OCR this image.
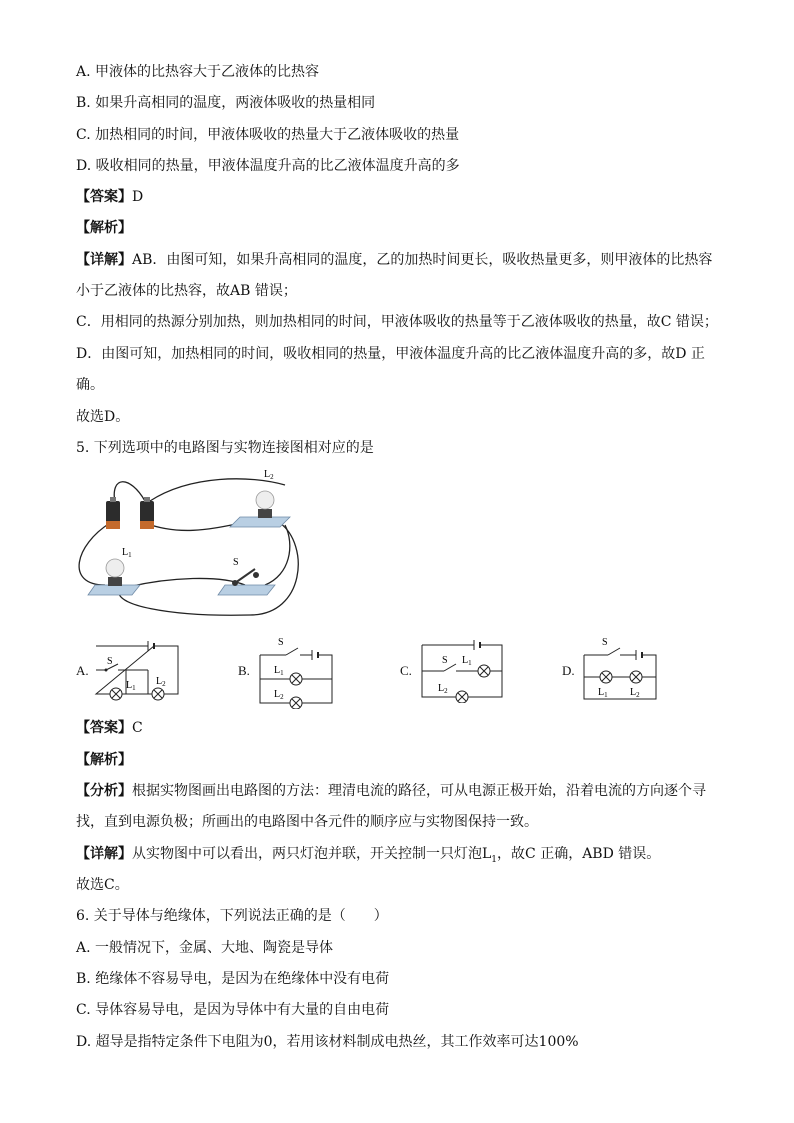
A. 甲液体的比热容大于乙液体的比热容
B. 如果升高相同的温度，两液体吸收的热量相同
C. 加热相同的时间，甲液体吸收的热量大于乙液体吸收的热量
D. 吸收相同的热量，甲液体温度升高的比乙液体温度升高的多
【答案】D
【解析】
【详解】AB．由图可知，如果升高相同的温度，乙的加热时间更长，吸收热量更多，则甲液体的比热容
小于乙液体的比热容，故AB 错误；
C．用相同的热源分别加热，则加热相同的时间，甲液体吸收的热量等于乙液体吸收的热量，故C 错误；
D．由图可知，加热相同的时间，吸收相同的热量，甲液体温度升高的比乙液体温度升高的多，故D 正
确。
故选D。
5. 下列选项中的电路图与实物连接图相对应的是
$L_2$
$L_1$
S
A.
S
$L_1$
$L_2$
B.
S
$L_1$
$L_2$
C.
S $L_1$
$L_2$
D.
S
$L_1$ $L_2$
【答案】C
【解析】
【分析】根据实物图画出电路图的方法：理清电流的路径，可从电源正极开始，沿着电流的方向逐个寻
找，直到电源负极；所画出的电路图中各元件的顺序应与实物图保持一致。
【详解】从实物图中可以看出，两只灯泡并联，开关控制一只灯泡$L_1$，故C 正确，ABD 错误。
故选C。
6. 关于导体与绝缘体，下列说法正确的是（　　）
A. 一般情况下，金属、大地、陶瓷是导体
B. 绝缘体不容易导电，是因为在绝缘体中没有电荷
C. 导体容易导电，是因为导体中有大量的自由电荷
D. 超导是指特定条件下电阻为0，若用该材料制成电热丝，其工作效率可达100%
